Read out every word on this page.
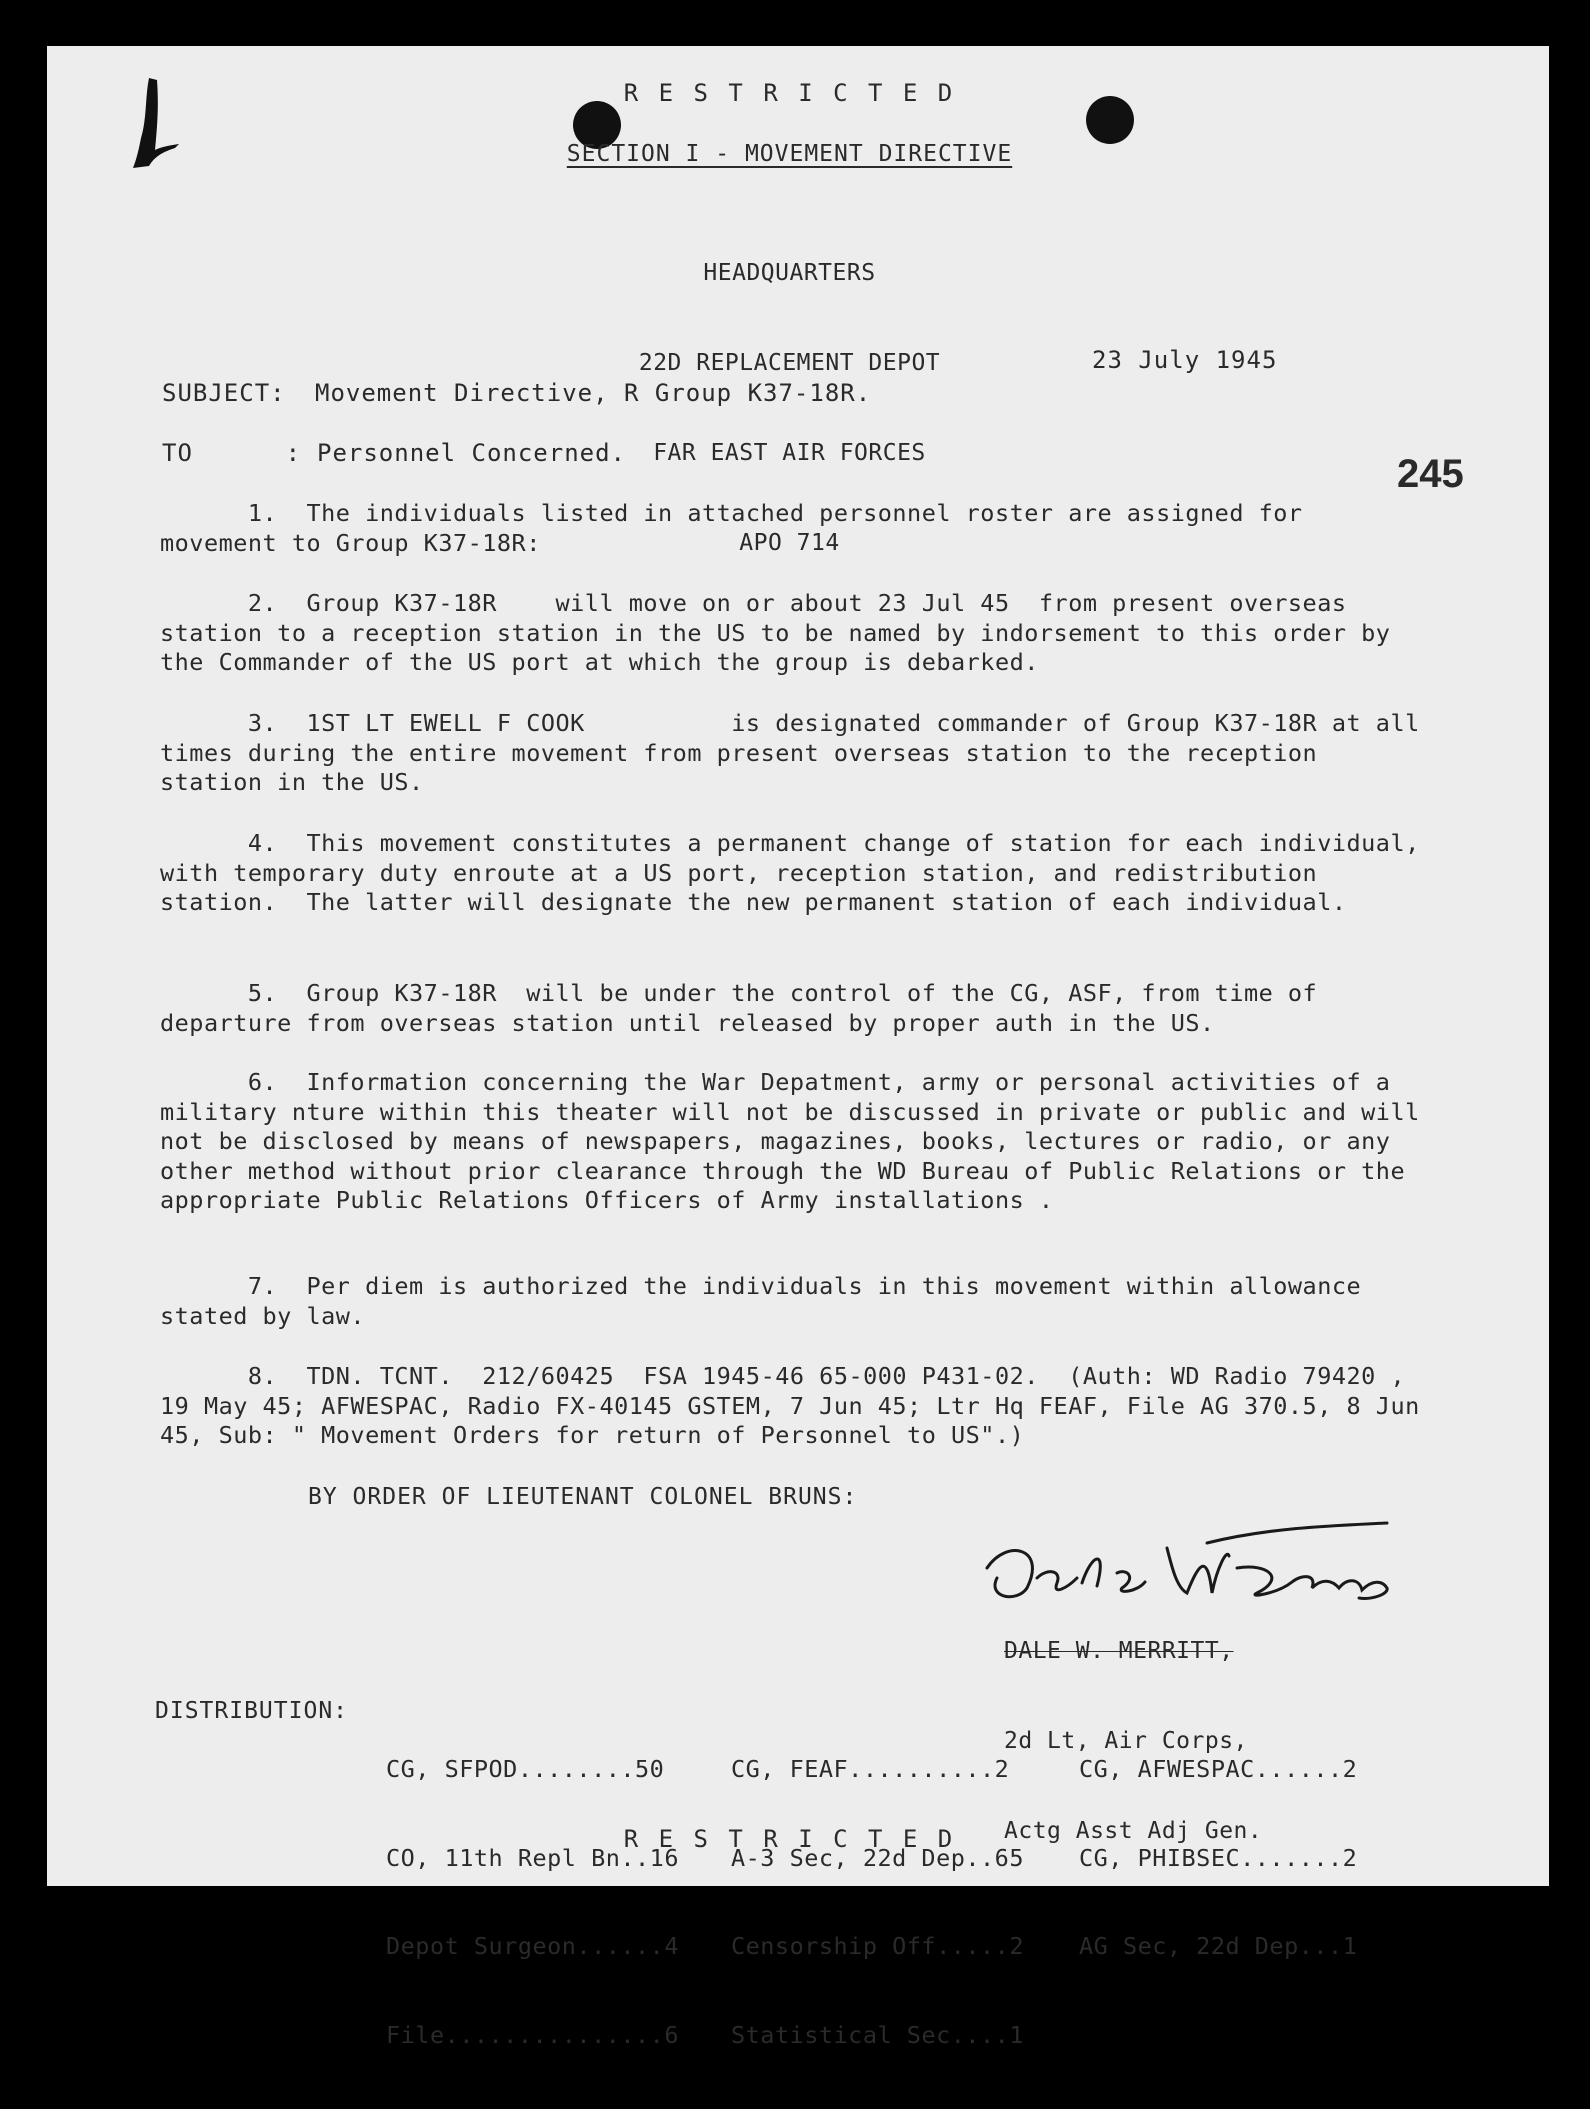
R E S T R I C T E D
SECTION I - MOVEMENT DIRECTIVE

HEADQUARTERS

22D REPLACEMENT DEPOT

FAR EAST AIR FORCES

APO 714

23 July 1945
245
SUBJECT: Movement Directive, R Group K37-18R.
TO      : Personnel Concerned.
1. The individuals listed in attached personnel roster are assigned for movement to Group K37-18R:
2. Group K37-18R    will move on or about 23 Jul 45  from present overseas station to a reception station in the US to be named by indorsement to this order by the Commander of the US port at which the group is debarked.
3. 1ST LT EWELL F COOK          is designated commander of Group K37-18R at all times during the entire movement from present overseas station to the reception station in the US.
4. This movement constitutes a permanent change of station for each individual, with temporary duty enroute at a US port, reception station, and redistribution station.  The latter will designate the new permanent station of each individual.
5. Group K37-18R  will be under the control of the CG, ASF, from time of departure from overseas station until released by proper auth in the US.
6. Information concerning the War Depatment, army or personal activities of a military nture within this theater will not be discussed in private or public and will not be disclosed by means of newspapers, magazines, books, lectures or radio, or any other method without prior clearance through the WD Bureau of Public Relations or the appropriate Public Relations Officers of Army installations .
7. Per diem is authorized the individuals in this movement within allowance stated by law.
8. TDN. TCNT.  212/60425  FSA 1945-46 65-000 P431-02.  (Auth: WD Radio 79420 , 19 May 45; AFWESPAC, Radio FX-40145 GSTEM, 7 Jun 45; Ltr Hq FEAF, File AG 370.5, 8 Jun 45, Sub: " Movement Orders for return of Personnel to US".)
BY ORDER OF LIEUTENANT COLONEL BRUNS:

DALE W. MERRITT,

2d Lt, Air Corps,

Actg Asst Adj Gen.

DISTRIBUTION:

CG, SFPOD........50

CO, 11th Repl Bn..16

Depot Surgeon......4

File...............6

CG, FEAF..........2

A-3 Sec, 22d Dep..65

Censorship Off.....2

Statistical Sec....1

CG, AFWESPAC......2

CG, PHIBSEC.......2

AG Sec, 22d Dep...1

R E S T R I C T E D
